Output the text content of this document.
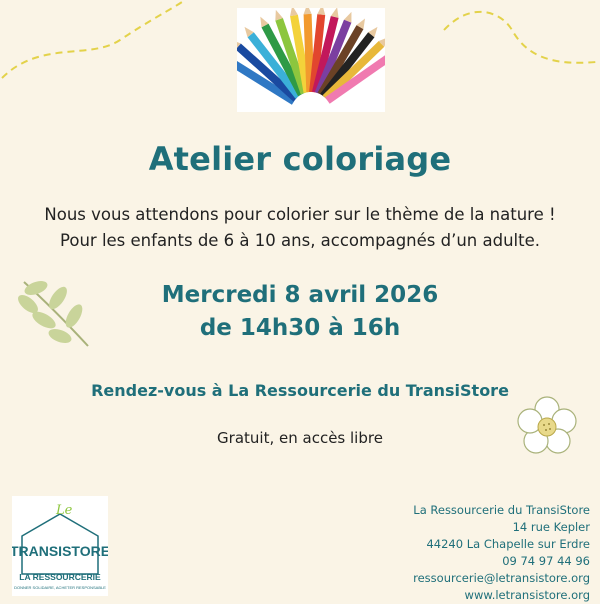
Atelier coloriage
Nous vous attendons pour colorier sur le thème de la nature !
Pour les enfants de 6 à 10 ans, accompagnés d’un adulte.
Mercredi 8 avril 2026
de 14h30 à 16h
Rendez-vous à La Ressourcerie du TransiStore
Gratuit, en accès libre
Le
TRANSISTORE
LA RESSOURCERIE
DONNER SOLIDAIRE, ACHETER RESPONSABLE
La Ressourcerie du TransiStore
14 rue Kepler
44240 La Chapelle sur Erdre
09 74 97 44 96
ressourcerie@letransistore.org
www.letransistore.org
